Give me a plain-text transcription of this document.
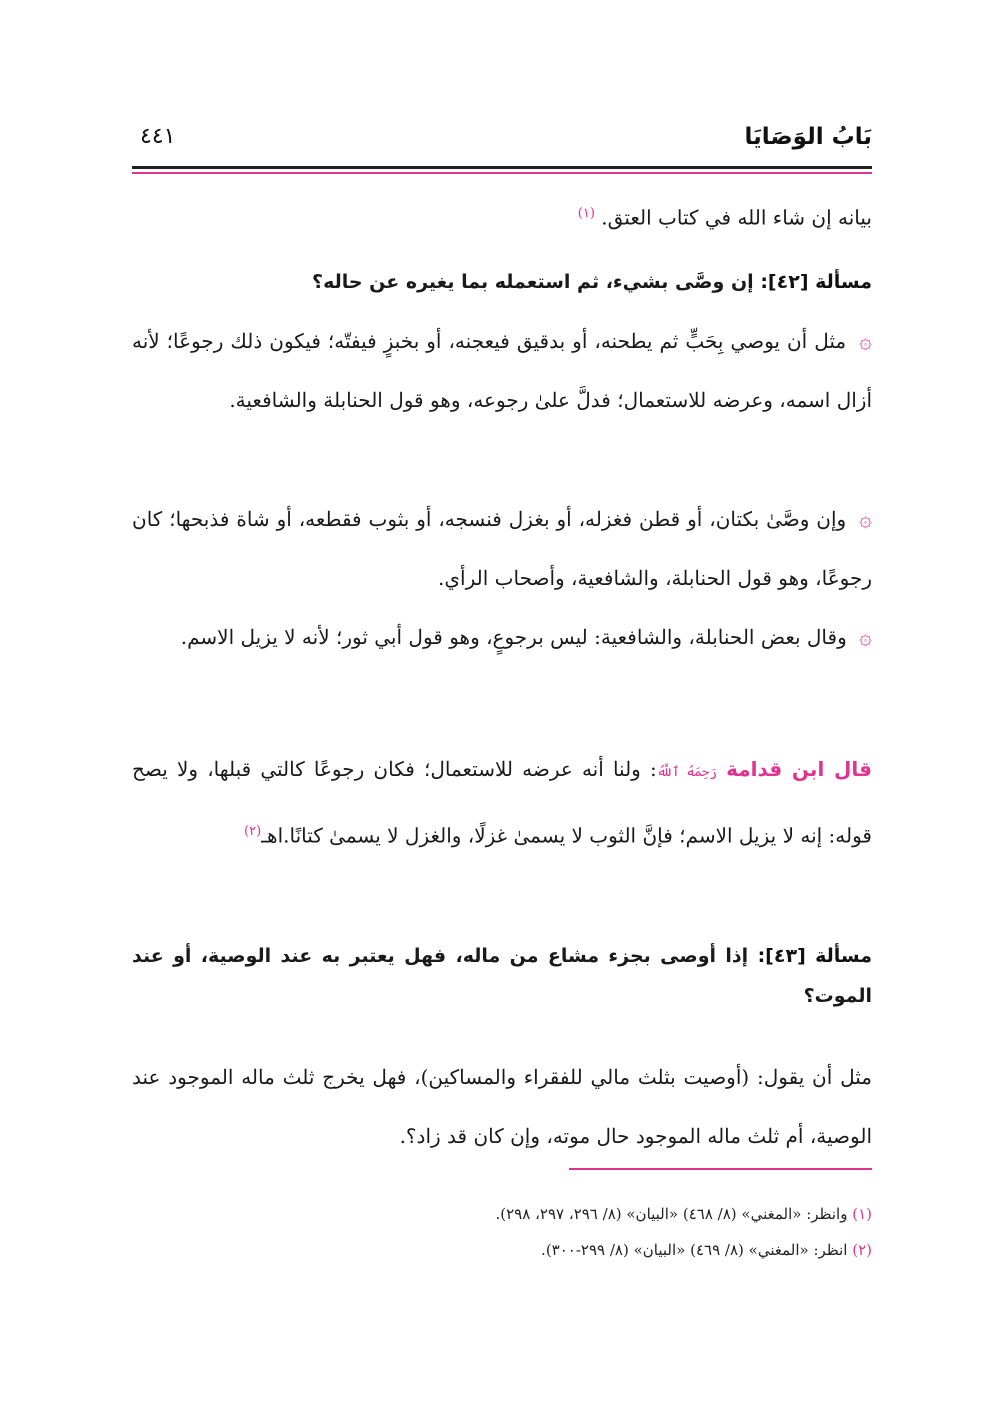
بَابُ الوَصَايَا
٤٤١
بيانه إن شاء الله في كتاب العتق. $^{(١)}$
مسألة [٤٢]: إن وصَّى بشيء، ثم استعمله بما يغيره عن حاله؟
۞ مثل أن يوصي بِحَبٍّ ثم يطحنه، أو بدقيق فيعجنه، أو بخبزٍ فيفتّه؛ فيكون ذلك رجوعًا؛ لأنه أزال اسمه، وعرضه للاستعمال؛ فدلَّ علىٰ رجوعه، وهو قول الحنابلة والشافعية.
۞ وإن وصَّىٰ بكتان، أو قطن فغزله، أو بغزل فنسجه، أو بثوب فقطعه، أو شاة فذبحها؛ كان رجوعًا، وهو قول الحنابلة، والشافعية، وأصحاب الرأي.
۞ وقال بعض الحنابلة، والشافعية: ليس برجوعٍ، وهو قول أبي ثور؛ لأنه لا يزيل الاسم.
قال ابن قدامة رَحِمَهُ ٱللَّهُ: ولنا أنه عرضه للاستعمال؛ فكان رجوعًا كالتي قبلها، ولا يصح قوله: إنه لا يزيل الاسم؛ فإنَّ الثوب لا يسمىٰ غزلًا، والغزل لا يسمىٰ كتانًا.اهـ$^{(٢)}$
مسألة [٤٣]: إذا أوصى بجزء مشاع من ماله، فهل يعتبر به عند الوصية، أو عند الموت؟
مثل أن يقول: (أوصيت بثلث مالي للفقراء والمساكين)، فهل يخرج ثلث ماله الموجود عند الوصية، أم ثلث ماله الموجود حال موته، وإن كان قد زاد؟.
(١) وانظر: «المغني» (٨/ ٤٦٨) «البيان» (٨/ ٢٩٦، ٢٩٧، ٢٩٨).
(٢) انظر: «المغني» (٨/ ٤٦٩) «البيان» (٨/ ٢٩٩-٣٠٠).
